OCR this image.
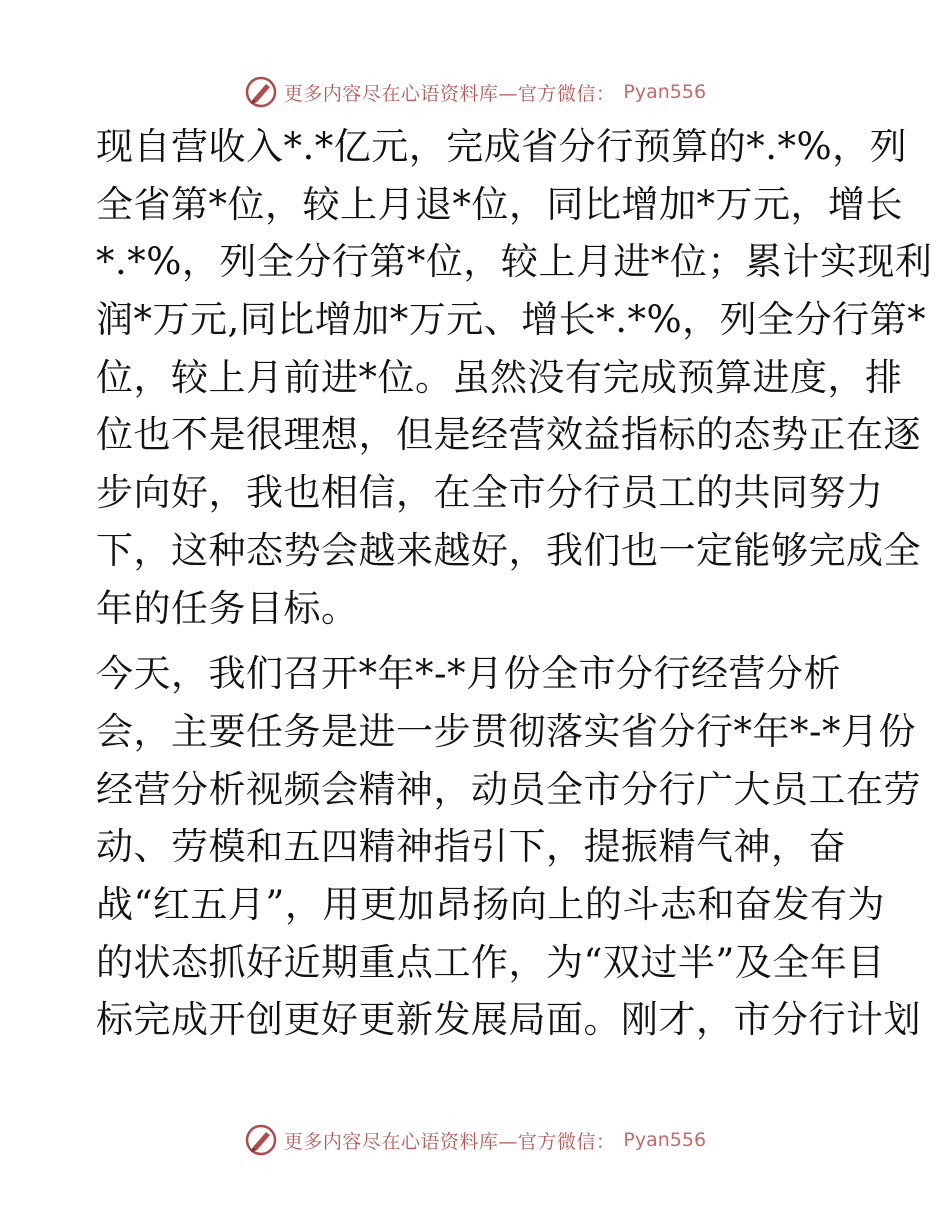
更多内容尽在心语资料库—官方微信： Pyan556
现自营收入*.*亿元，完成省分行预算的*.*%，列
全省第*位，较上月退*位，同比增加*万元，增长
*.*%，列全分行第*位，较上月进*位；累计实现利
润*万元,同比增加*万元、增长*.*%，列全分行第*
位，较上月前进*位。虽然没有完成预算进度，排
位也不是很理想，但是经营效益指标的态势正在逐
步向好，我也相信，在全市分行员工的共同努力
下，这种态势会越来越好，我们也一定能够完成全
年的任务目标。
今天，我们召开*年*-*月份全市分行经营分析
会，主要任务是进一步贯彻落实省分行*年*-*月份
经营分析视频会精神，动员全市分行广大员工在劳
动、劳模和五四精神指引下，提振精气神，奋
战“红五月”，用更加昂扬向上的斗志和奋发有为
的状态抓好近期重点工作，为“双过半”及全年目
标完成开创更好更新发展局面。刚才，市分行计划
更多内容尽在心语资料库—官方微信： Pyan556
